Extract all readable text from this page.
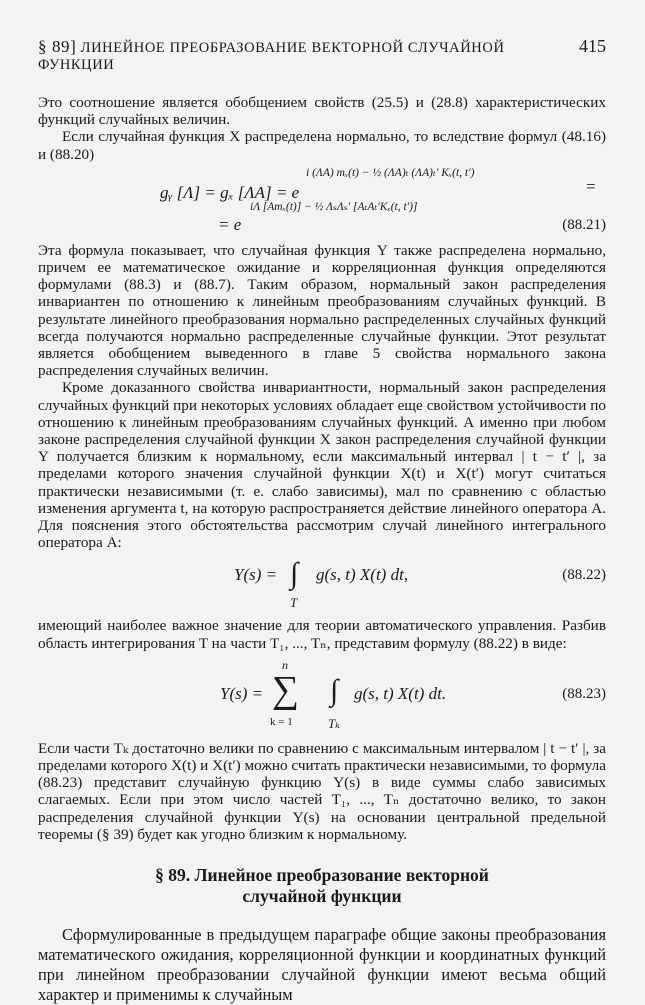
§ 89] ЛИНЕЙНОЕ ПРЕОБРАЗОВАНИЕ ВЕКТОРНОЙ СЛУЧАЙНОЙ ФУНКЦИИ
415

Это соотношение является обобщением свойств (25.5) и (28.8) характеристических функций случайных величин.

Если случайная функция X распределена нормально, то вследствие формул (48.16) и (88.20)

gᵧ [Λ] = gₓ [ΛA] = e
i (ΛA) mₓ(t) − ½ (ΛA)ₜ (ΛA)ₜ′ Kₓ(t, t′)
=
= e
iΛ [Amₓ(t)] − ½ ΛₛΛₛ′ [AₜAₜ′Kₓ(t, t′)]
(88.21)

Эта формула показывает, что случайная функция Y также распределена нормально, причем ее математическое ожидание и корреляционная функция определяются формулами (88.3) и (88.7). Таким образом, нормальный закон распределения инвариантен по отношению к линейным преобразованиям случайных функций. В результате линейного преобразования нормально распределенных случайных функций всегда получаются нормально распределенные случайные функции. Этот результат является обобщением выведенного в главе 5 свойства нормального закона распределения случайных величин.

Кроме доказанного свойства инвариантности, нормальный закон распределения случайных функций при некоторых условиях обладает еще свойством устойчивости по отношению к линейным преобразованиям случайных функций. А именно при любом законе распределения случайной функции X закон распределения случайной функции Y получается близким к нормальному, если максимальный интервал | t − t′ |, за пределами которого значения случайной функции X(t) и X(t′) могут считаться практически независимыми (т. е. слабо зависимы), мал по сравнению с областью изменения аргумента t, на которую распространяется действие линейного оператора A. Для пояснения этого обстоятельства рассмотрим случай линейного интегрального оператора A:

Y(s) = ∫
T
g(s, t) X(t) dt,	(88.22)

имеющий наиболее важное значение для теории автоматического управления. Разбив область интегрирования T на части T₁, ..., Tₙ, представим формулу (88.22) в виде:

Y(s) =
n
∑
k = 1
∫
Tₖ
g(s, t) X(t) dt.	(88.23)

Если части Tₖ достаточно велики по сравнению с максимальным интервалом | t − t′ |, за пределами которого X(t) и X(t′) можно считать практически независимыми, то формула (88.23) представит случайную функцию Y(s) в виде суммы слабо зависимых слагаемых. Если при этом число частей T₁, ..., Tₙ достаточно велико, то закон распределения случайной функции Y(s) на основании центральной предельной теоремы (§ 39) будет как угодно близким к нормальному.

§ 89. Линейное преобразование векторной
случайной функции

Сформулированные в предыдущем параграфе общие законы преобразования математического ожидания, корреляционной функции и координатных функций при линейном преобразовании случайной функции имеют весьма общий характер и применимы к случайным
